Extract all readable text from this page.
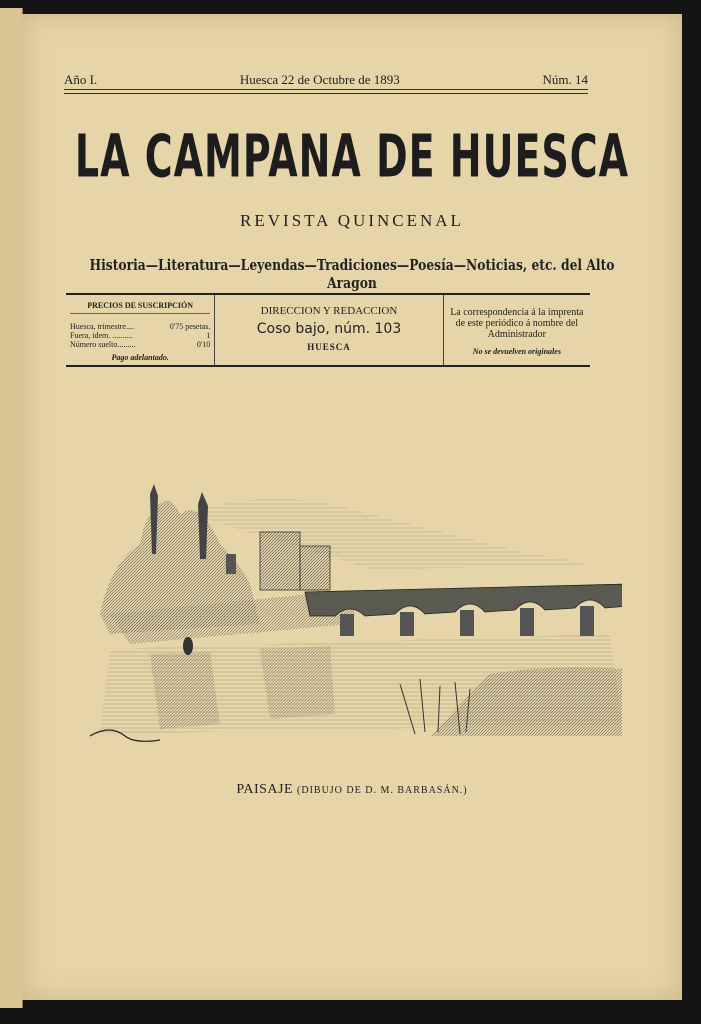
Año I.	Huesca 22 de Octubre de 1893	Núm. 14
LA CAMPANA DE HUESCA
REVISTA QUINCENAL
Historia—Literatura—Leyendas—Tradiciones—Poesía—Noticias, etc. del Alto Aragon
PRECIOS DE SUSCRIPCIÓN
Huesca, trimestre....	0'75 pesetas.
Fuera, idem. ..........	1
Número suelto.........	0'10
Pago adelantado.
DIRECCION Y REDACCION
Coso bajo, núm. 103
HUESCA
La correspondencia á la imprenta de este periódico á nombre del Administrador
No se devuelven originales
PAISAJE (DIBUJO DE D. M. BARBASÁN.)
